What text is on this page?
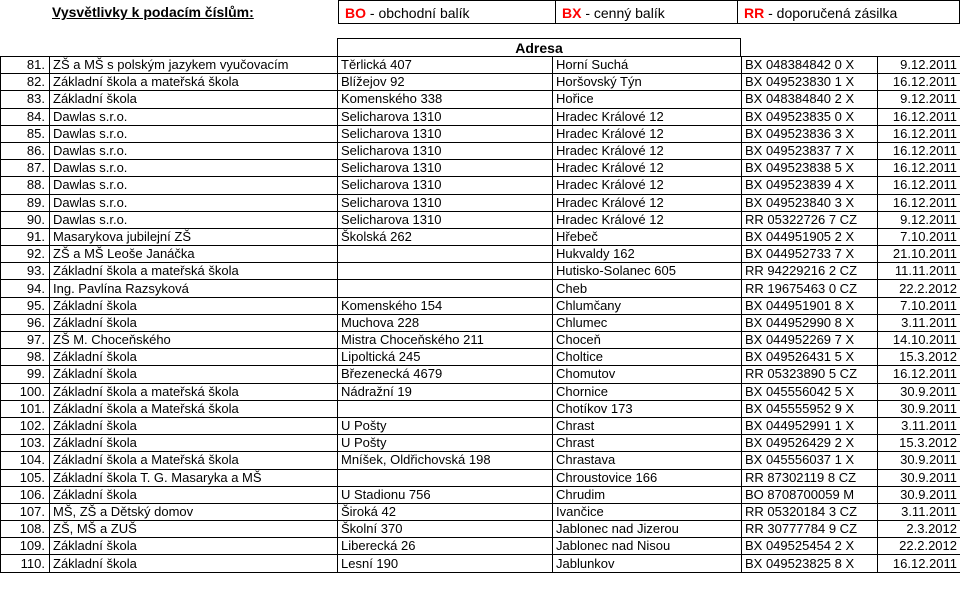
Vysvětlivky k podacím číslům:	BO - obchodní balík	BX - cenný balík	RR - doporučená zásilka
Adresa
81.	ZŠ a MŠ s polským jazykem vyučovacím	Těrlická 407	Horní Suchá	BX 048384842 0 X	9.12.2011
82.	Základní škola a mateřská škola	Blížejov 92	Horšovský Týn	BX 049523830 1 X	16.12.2011
83.	Základní škola	Komenského 338	Hořice	BX 048384840 2 X	9.12.2011
84.	Dawlas s.r.o.	Selicharova 1310	Hradec Králové 12	BX 049523835 0 X	16.12.2011
85.	Dawlas s.r.o.	Selicharova 1310	Hradec Králové 12	BX 049523836 3 X	16.12.2011
86.	Dawlas s.r.o.	Selicharova 1310	Hradec Králové 12	BX 049523837 7 X	16.12.2011
87.	Dawlas s.r.o.	Selicharova 1310	Hradec Králové 12	BX 049523838 5 X	16.12.2011
88.	Dawlas s.r.o.	Selicharova 1310	Hradec Králové 12	BX 049523839 4 X	16.12.2011
89.	Dawlas s.r.o.	Selicharova 1310	Hradec Králové 12	BX 049523840 3 X	16.12.2011
90.	Dawlas s.r.o.	Selicharova 1310	Hradec Králové 12	RR 05322726 7 CZ	9.12.2011
91.	Masarykova jubilejní ZŠ	Školská 262	Hřebeč	BX 044951905 2 X	7.10.2011
92.	ZŠ a MŠ Leoše Janáčka		Hukvaldy 162	BX 044952733 7 X	21.10.2011
93.	Základní škola a mateřská škola		Hutisko-Solanec 605	RR 94229216 2 CZ	11.11.2011
94.	Ing. Pavlína Razsyková		Cheb	RR 19675463 0 CZ	22.2.2012
95.	Základní škola	Komenského 154	Chlumčany	BX 044951901 8 X	7.10.2011
96.	Základní škola	Muchova 228	Chlumec	BX 044952990 8 X	3.11.2011
97.	ZŠ M. Choceňského	Mistra Choceňského 211	Choceň	BX 044952269 7 X	14.10.2011
98.	Základní škola	Lipoltická 245	Choltice	BX 049526431 5 X	15.3.2012
99.	Základní škola	Březenecká 4679	Chomutov	RR 05323890 5 CZ	16.12.2011
100.	Základní škola a mateřská škola	Nádražní 19	Chornice	BX 045556042 5 X	30.9.2011
101.	Základní škola a Mateřská škola		Chotíkov 173	BX 045555952 9 X	30.9.2011
102.	Základní škola	U Pošty	Chrast	BX 044952991 1 X	3.11.2011
103.	Základní škola	U Pošty	Chrast	BX 049526429 2 X	15.3.2012
104.	Základní škola a Mateřská škola	Mníšek, Oldřichovská 198	Chrastava	BX 045556037 1 X	30.9.2011
105.	Základní škola T. G. Masaryka a MŠ		Chroustovice 166	RR 87302119 8 CZ	30.9.2011
106.	Základní škola	U Stadionu 756	Chrudim	BO 8708700059 M	30.9.2011
107.	MŠ, ZŠ a Dětský domov	Široká 42	Ivančice	RR 05320184 3 CZ	3.11.2011
108.	ZŠ, MŠ a ZUŠ	Školní 370	Jablonec nad Jizerou	RR 30777784 9 CZ	2.3.2012
109.	Základní škola	Liberecká 26	Jablonec nad Nisou	BX 049525454 2 X	22.2.2012
110.	Základní škola	Lesní 190	Jablunkov	BX 049523825 8 X	16.12.2011
